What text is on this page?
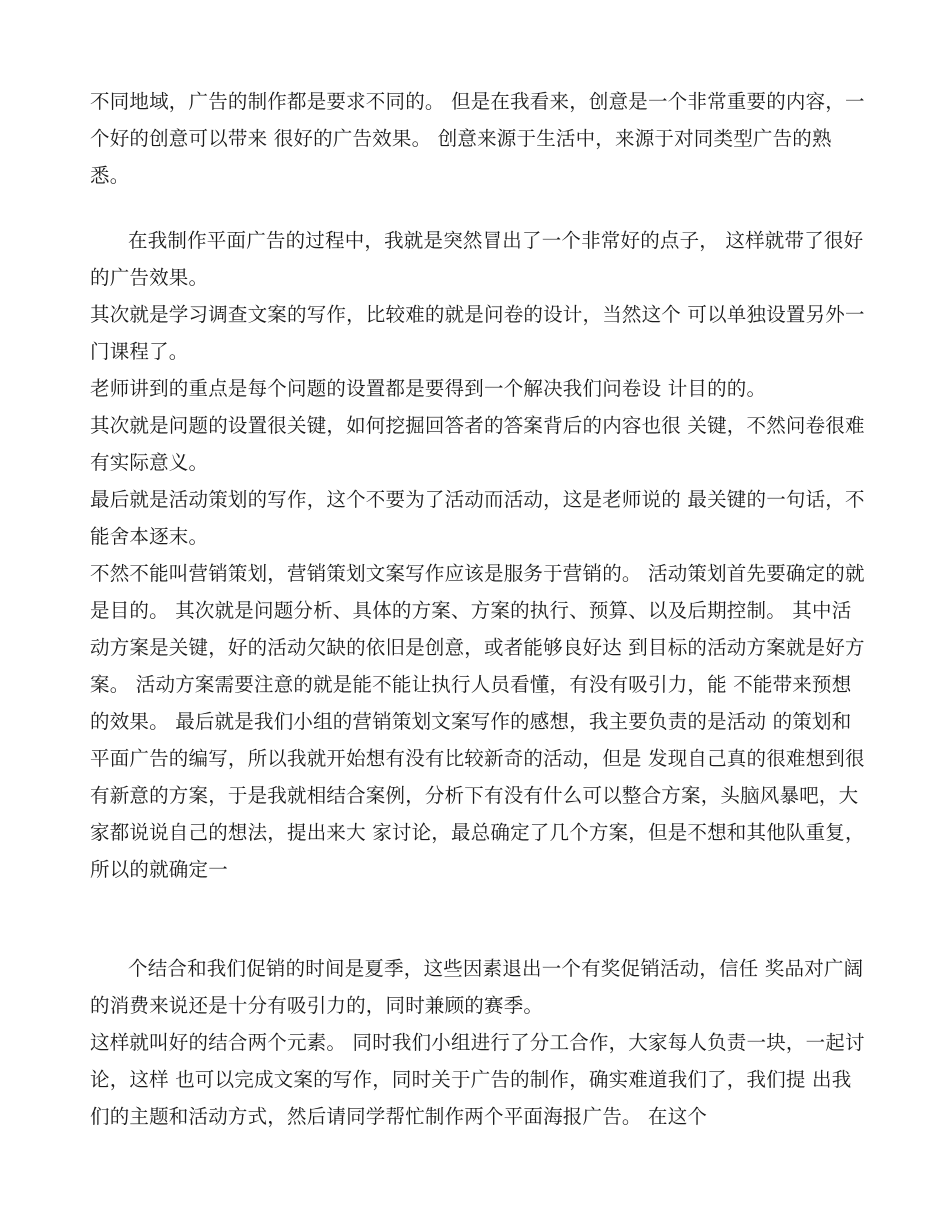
不同地域，广告的制作都是要求不同的。 但是在我看来，创意是一个非常重要的内容，一个好的创意可以带来 很好的广告效果。 创意来源于生活中，来源于对同类型广告的熟悉。

在我制作平面广告的过程中，我就是突然冒出了一个非常好的点子， 这样就带了很好的广告效果。

其次就是学习调查文案的写作，比较难的就是问卷的设计，当然这个 可以单独设置另外一门课程了。

老师讲到的重点是每个问题的设置都是要得到一个解决我们问卷设 计目的的。

其次就是问题的设置很关键，如何挖掘回答者的答案背后的内容也很 关键，不然问卷很难有实际意义。

最后就是活动策划的写作，这个不要为了活动而活动，这是老师说的 最关键的一句话，不能舍本逐末。

不然不能叫营销策划，营销策划文案写作应该是服务于营销的。 活动策划首先要确定的就是目的。 其次就是问题分析、具体的方案、方案的执行、预算、以及后期控制。 其中活动方案是关键，好的活动欠缺的依旧是创意，或者能够良好达 到目标的活动方案就是好方案。 活动方案需要注意的就是能不能让执行人员看懂，有没有吸引力，能 不能带来预想的效果。 最后就是我们小组的营销策划文案写作的感想，我主要负责的是活动 的策划和平面广告的编写，所以我就开始想有没有比较新奇的活动，但是 发现自己真的很难想到很有新意的方案，于是我就相结合案例，分析下有没有什么可以整合方案，头脑风暴吧，大家都说说自己的想法，提出来大 家讨论，最总确定了几个方案，但是不想和其他队重复，所以的就确定一

个结合和我们促销的时间是夏季，这些因素退出一个有奖促销活动，信任 奖品对广阔的消费来说还是十分有吸引力的，同时兼顾的赛季。

这样就叫好的结合两个元素。 同时我们小组进行了分工合作，大家每人负责一块，一起讨论，这样 也可以完成文案的写作，同时关于广告的制作，确实难道我们了，我们提 出我们的主题和活动方式，然后请同学帮忙制作两个平面海报广告。 在这个
